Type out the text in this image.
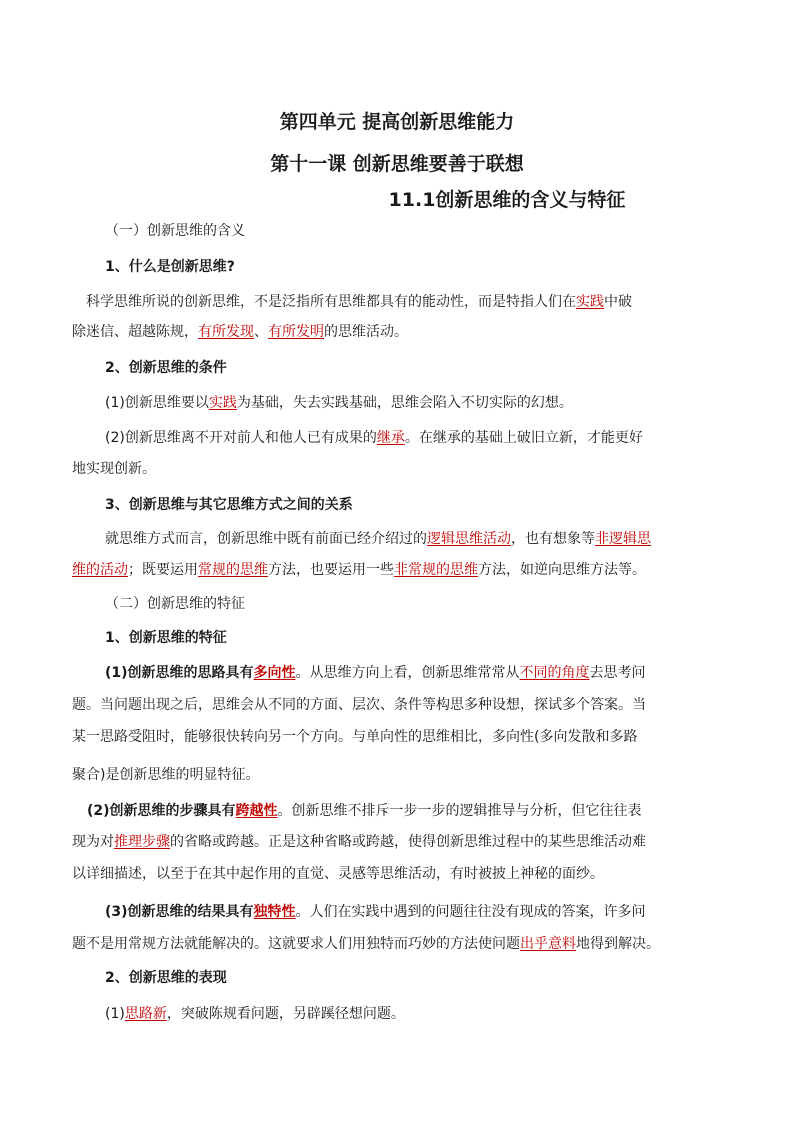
第四单元 提高创新思维能力
第十一课 创新思维要善于联想
11.1创新思维的含义与特征
（一）创新思维的含义
1、什么是创新思维?
科学思维所说的创新思维，不是泛指所有思维都具有的能动性，而是特指人们在实践中破
除迷信、超越陈规，有所发现、有所发明的思维活动。
2、创新思维的条件
(1)创新思维要以实践为基础，失去实践基础，思维会陷入不切实际的幻想。
(2)创新思维离不开对前人和他人已有成果的继承。在继承的基础上破旧立新，才能更好
地实现创新。
3、创新思维与其它思维方式之间的关系
就思维方式而言，创新思维中既有前面已经介绍过的逻辑思维活动，也有想象等非逻辑思
维的活动；既要运用常规的思维方法，也要运用一些非常规的思维方法，如逆向思维方法等。
（二）创新思维的特征
1、创新思维的特征
(1)创新思维的思路具有多向性。从思维方向上看，创新思维常常从不同的角度去思考问
题。当问题出现之后，思维会从不同的方面、层次、条件等构思多种设想，探试多个答案。当
某一思路受阻时，能够很快转向另一个方向。与单向性的思维相比，多向性(多向发散和多路
聚合)是创新思维的明显特征。
(2)创新思维的步骤具有跨越性。创新思维不排斥一步一步的逻辑推导与分析，但它往往表
现为对推理步骤的省略或跨越。正是这种省略或跨越，使得创新思维过程中的某些思维活动难
以详细描述，以至于在其中起作用的直觉、灵感等思维活动，有时被披上神秘的面纱。
(3)创新思维的结果具有独特性。人们在实践中遇到的问题往往没有现成的答案，许多问
题不是用常规方法就能解决的。这就要求人们用独特而巧妙的方法使问题出乎意料地得到解决。
2、创新思维的表现
(1)思路新，突破陈规看问题，另辟蹊径想问题。
